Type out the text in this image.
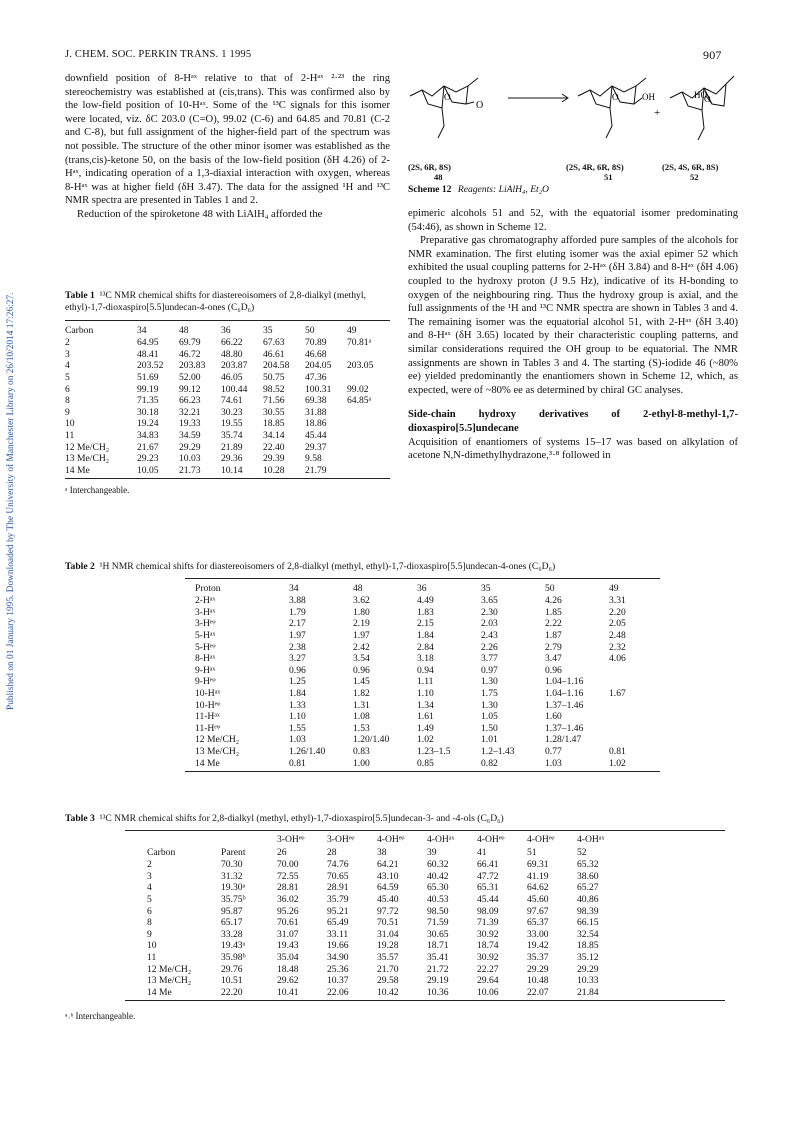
J. CHEM. SOC. PERKIN TRANS. 1 1995	907
Published on 01 January 1995. Downloaded by The University of Manchester Library on 26/10/2014 17:26:27.

downfield position of 8-Hᵃˣ relative to that of 2-Hᵃˣ ²·²³ the ring stereochemistry was established at (cis,trans). This was confirmed also by the low-field position of 10-Hᵃˣ. Some of the ¹³C signals for this isomer were located, viz. δC 203.0 (C=O), 99.02 (C-6) and 64.85 and 70.81 (C-2 and C-8), but full assignment of the higher-field part of the spectrum was not possible. The structure of the other minor isomer was established as the (trans,cis)-ketone 50, on the basis of the low-field position (δH 4.26) of 2-Hᵃˣ, indicating operation of a 1,3-diaxial interaction with oxygen, whereas 8-Hᵃˣ was at higher field (δH 3.47). The data for the assigned ¹H and ¹³C NMR spectra are presented in Tables 1 and 2.

Reduction of the spiroketone 48 with LiAlH₄ afforded the

O
O
O	OH
+
O
HO
(2S, 6R, 8S)
48
(2S, 4R, 6R, 8S)
51
(2S, 4S, 6R, 8S)
52
Scheme 12 Reagents: LiAlH₄, Et₂O

epimeric alcohols 51 and 52, with the equatorial isomer predominating (54:46), as shown in Scheme 12.

Preparative gas chromatography afforded pure samples of the alcohols for NMR examination. The first eluting isomer was the axial epimer 52 which exhibited the usual coupling patterns for 2-Hᵃˣ (δH 3.84) and 8-Hᵃˣ (δH 4.06) coupled to the hydroxy proton (J 9.5 Hz), indicative of its H-bonding to oxygen of the neighbouring ring. Thus the hydroxy group is axial, and the full assignments of the ¹H and ¹³C NMR spectra are shown in Tables 3 and 4. The remaining isomer was the equatorial alcohol 51, with 2-Hᵃˣ (δH 3.40) and 8-Hᵃˣ (δH 3.65) located by their characteristic coupling patterns, and similar considerations required the OH group to be equatorial. The NMR assignments are shown in Tables 3 and 4. The starting (S)-iodide 46 (~80% ee) yielded predominantly the enantiomers shown in Scheme 12, which, as expected, were of ~80% ee as determined by chiral GC analyses.

Side-chain hydroxy derivatives of 2-ethyl-8-methyl-1,7-dioxaspiro[5.5]undecane

Acquisition of enantiomers of systems 15–17 was based on alkylation of acetone N,N-dimethylhydrazone,³·⁸ followed in

Table 1 ¹³C NMR chemical shifts for diastereoisomers of 2,8-dialkyl (methyl, ethyl)-1,7-dioxaspiro[5.5]undecan-4-ones (C₆D₆)
Carbon	34	48	36	35	50	49
2	64.95	69.79	66.22	67.63	70.89	70.81ᵃ
3	48.41	46.72	48.80	46.61	46.68	
4	203.52	203.83	203.87	204.58	204.05	203.05
5	51.69	52.00	46.05	50.75	47.36	
6	99.19	99.12	100.44	98.52	100.31	99.02
8	71.35	66.23	74.61	71.56	69.38	64.85ᵃ
9	30.18	32.21	30.23	30.55	31.88	
10	19.24	19.33	19.55	18.85	18.86	
11	34.83	34.59	35.74	34.14	45.44	
12 Me/CH₂	21.67	29.29	21.89	22.40	29.37	
13 Me/CH₂	29.23	10.03	29.36	29.39	9.58	
14 Me	10.05	21.73	10.14	10.28	21.79	
ᵃ Interchangeable.
Table 2 ¹H NMR chemical shifts for diastereoisomers of 2,8-dialkyl (methyl, ethyl)-1,7-dioxaspiro[5.5]undecan-4-ones (C₆D₆)
Proton	34	48	36	35	50	49
2-Hᵃˣ	3.88	3.62	4.49	3.65	4.26	3.31
3-Hᵃˣ	1.79	1.80	1.83	2.30	1.85	2.20
3-Hᵉᵠ	2.17	2.19	2.15	2.03	2.22	2.05
5-Hᵃˣ	1.97	1.97	1.84	2.43	1.87	2.48
5-Hᵉᵠ	2.38	2.42	2.84	2.26	2.79	2.32
8-Hᵃˣ	3.27	3.54	3.18	3.77	3.47	4.06
9-Hᵃˣ	0.96	0.96	0.94	0.97	0.96	
9-Hᵉᵠ	1.25	1.45	1.11	1.30	1.04–1.16	
10-Hᵃˣ	1.84	1.82	1.10	1.75	1.04–1.16	1.67
10-Hᵉᵠ	1.33	1.31	1.34	1.30	1.37–1.46	
11-Hᵃˣ	1.10	1.08	1.61	1.05	1.60	
11-Hᵉᵠ	1.55	1.53	1.49	1.50	1.37–1.46	
12 Me/CH₂	1.03	1.20/1.40	1.02	1.01	1.28/1.47	
13 Me/CH₂	1.26/1.40	0.83	1.23–1.5	1.2–1.43	0.77	0.81
14 Me	0.81	1.00	0.85	0.82	1.03	1.02
Table 3 ¹³C NMR chemical shifts for 2,8-dialkyl (methyl, ethyl)-1,7-dioxaspiro[5.5]undecan-3- and -4-ols (C₆D₆)
		3-OHᵉᵠ	3-OHᵉᵠ	4-OHᵉᵠ	4-OHᵃˣ	4-OHᵉᵠ	4-OHᵉᵠ	4-OHᵃˣ
Carbon	Parent	26	28	38	39	41	51	52
2	70.30	70.00	74.76	64.21	60.32	66.41	69.31	65.32
3	31.32	72.55	70.65	43.10	40.42	47.72	41.19	38.60
4	19.30ᵃ	28.81	28.91	64.59	65.30	65.31	64.62	65.27
5	35.75ᵇ	36.02	35.79	45.40	40.53	45.44	45.60	40.86
6	95.87	95.26	95.21	97.72	98.50	98.09	97.67	98.39
8	65.17	70.61	65.49	70.51	71.59	71.39	65.37	66.15
9	33.28	31.07	33.11	31.04	30.65	30.92	33.00	32.54
10	19.43ᵃ	19.43	19.66	19.28	18.71	18.74	19.42	18.85
11	35.98ᵇ	35.04	34.90	35.57	35.41	30.92	35.37	35.12
12 Me/CH₂	29.76	18.48	25.36	21.70	21.72	22.27	29.29	29.29
13 Me/CH₂	10.51	29.62	10.37	29.58	29.19	29.64	10.48	10.33
14 Me	22.20	10.41	22.06	10.42	10.36	10.06	22.07	21.84
ᵃ˒ᵇ Interchangeable.
